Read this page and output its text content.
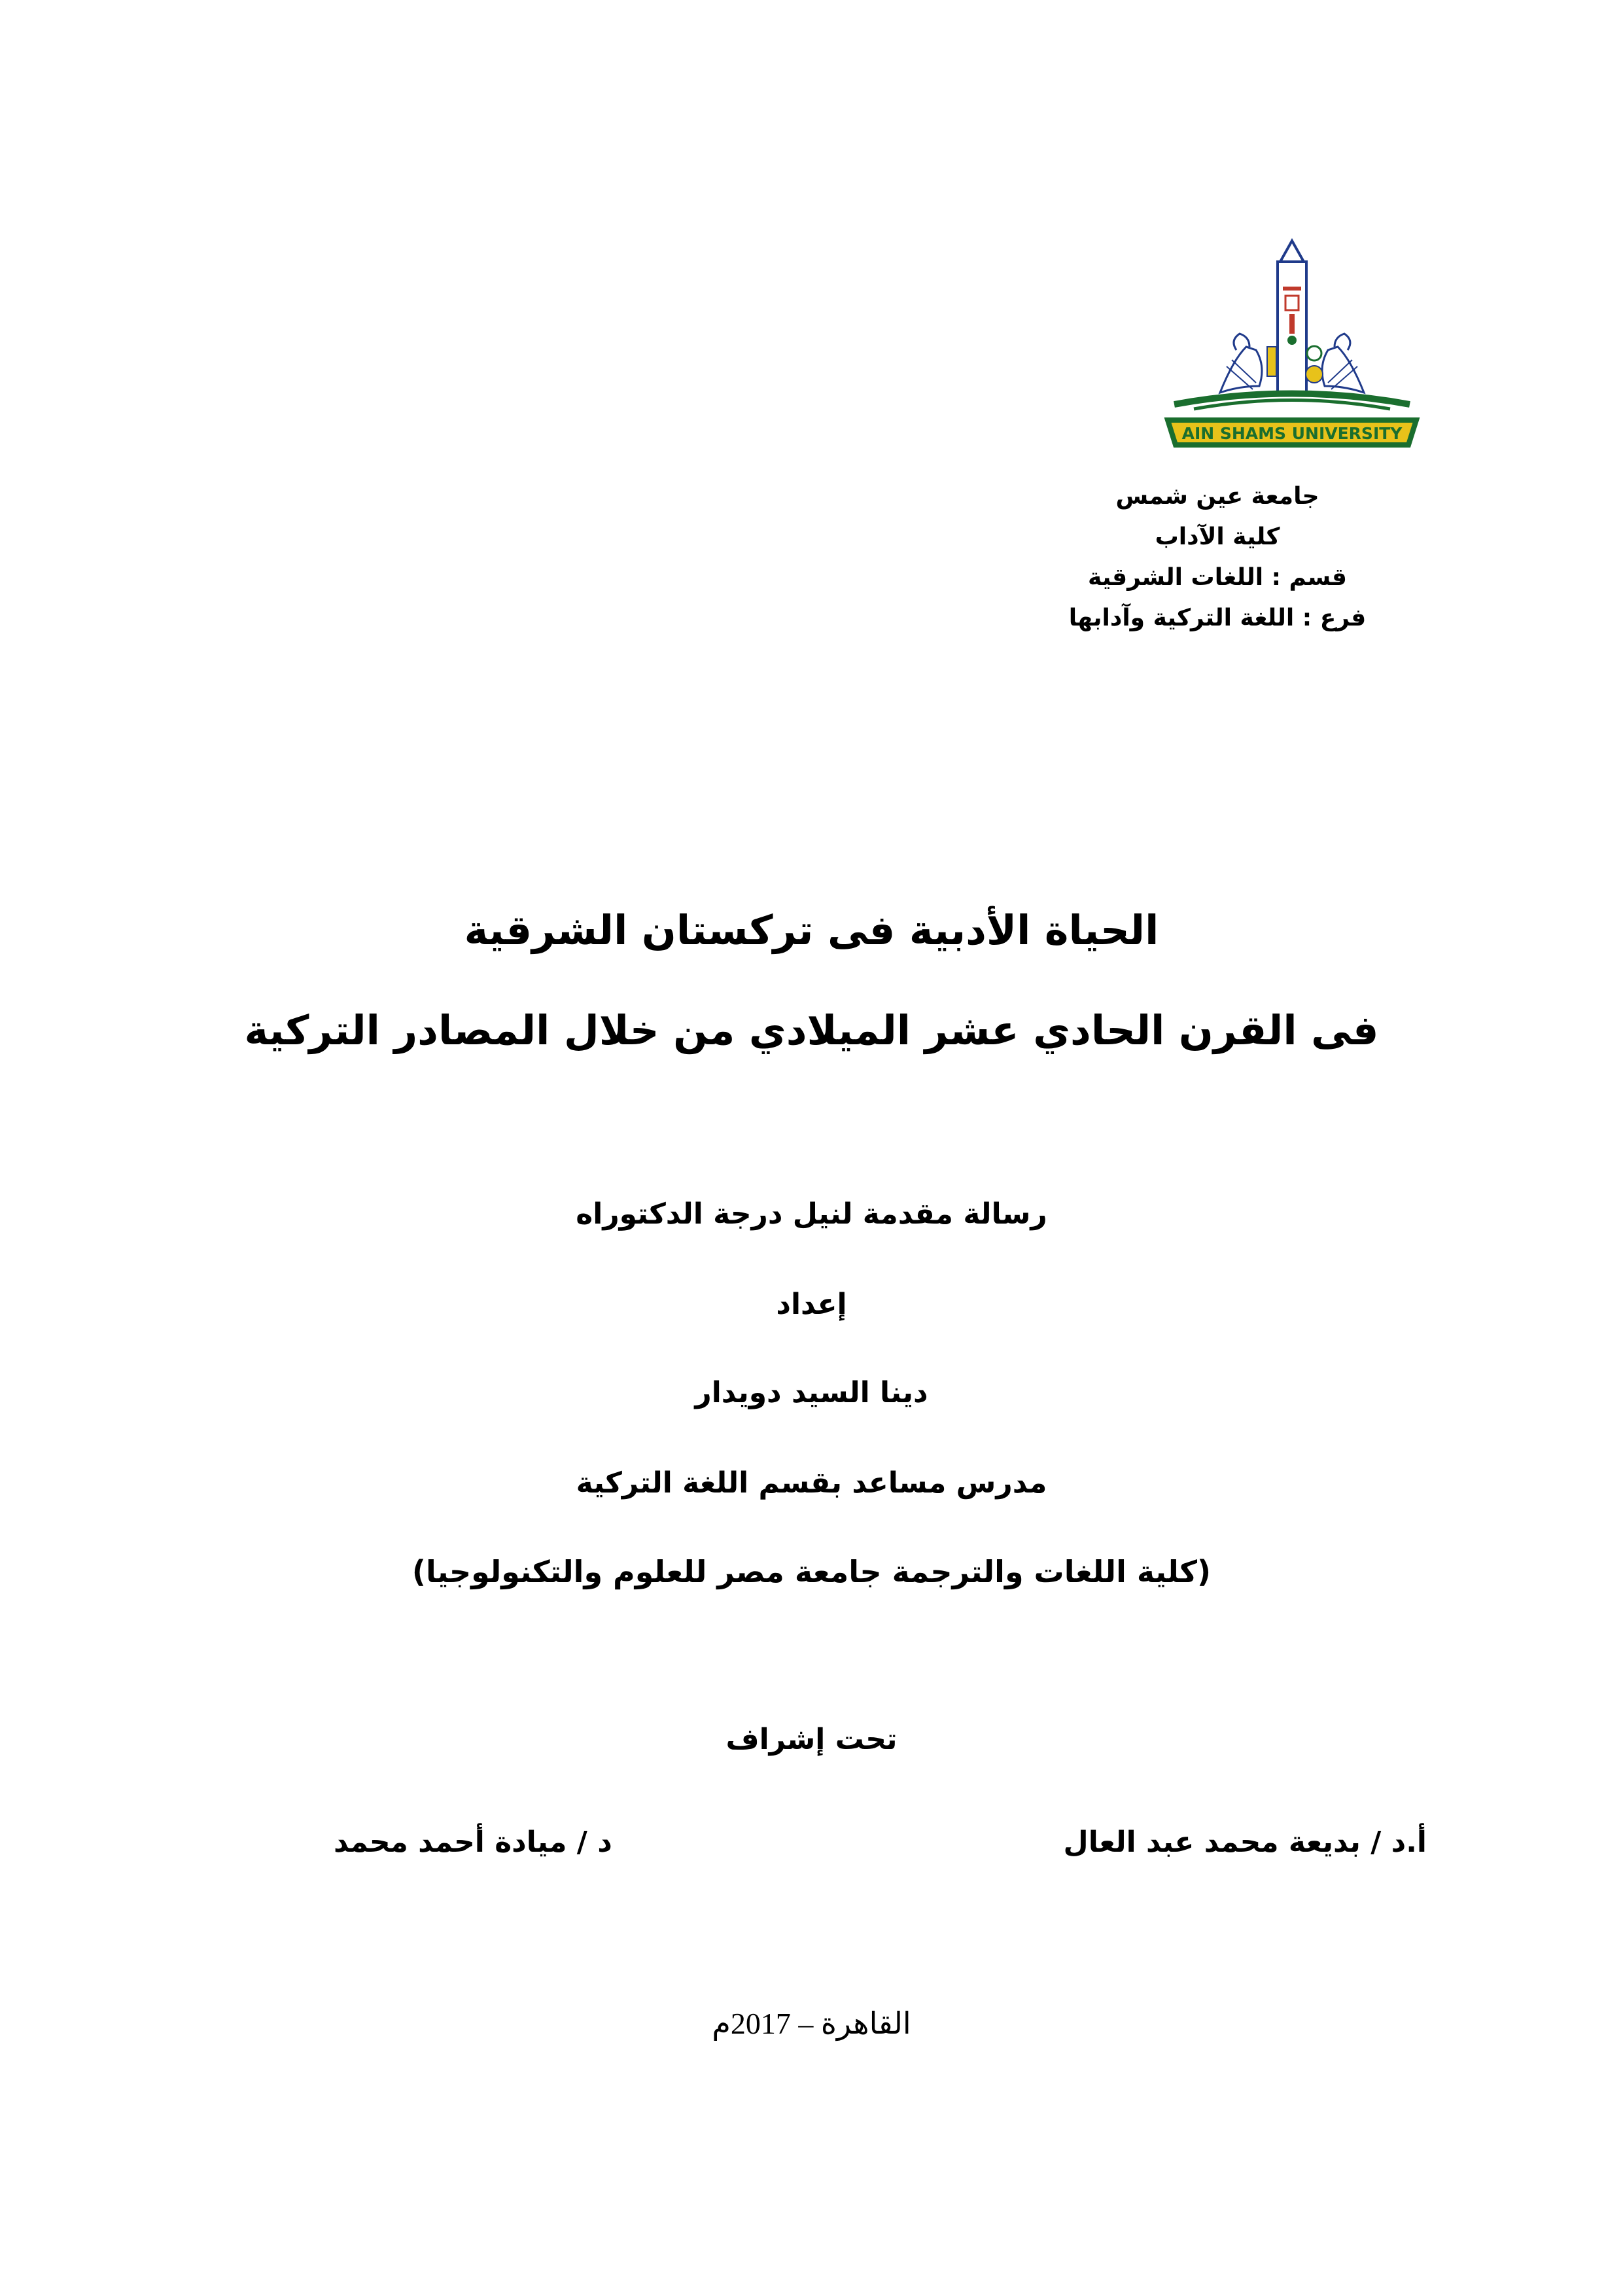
AIN SHAMS UNIVERSITY
جامعة عين شمس
كلية الآداب
قسم : اللغات الشرقية
فرع : اللغة التركية وآدابها
الحياة الأدبية فى تركستان الشرقية
فى القرن الحادي عشر الميلادي من خلال المصادر التركية
رسالة مقدمة لنيل درجة الدكتوراه
إعداد
دينا السيد دويدار
مدرس مساعد بقسم اللغة التركية
(كلية اللغات والترجمة جامعة مصر للعلوم والتكنولوجيا)
تحت إشراف
أ.د / بديعة محمد عبد العال
د / ميادة أحمد محمد
القاهرة – 2017م
